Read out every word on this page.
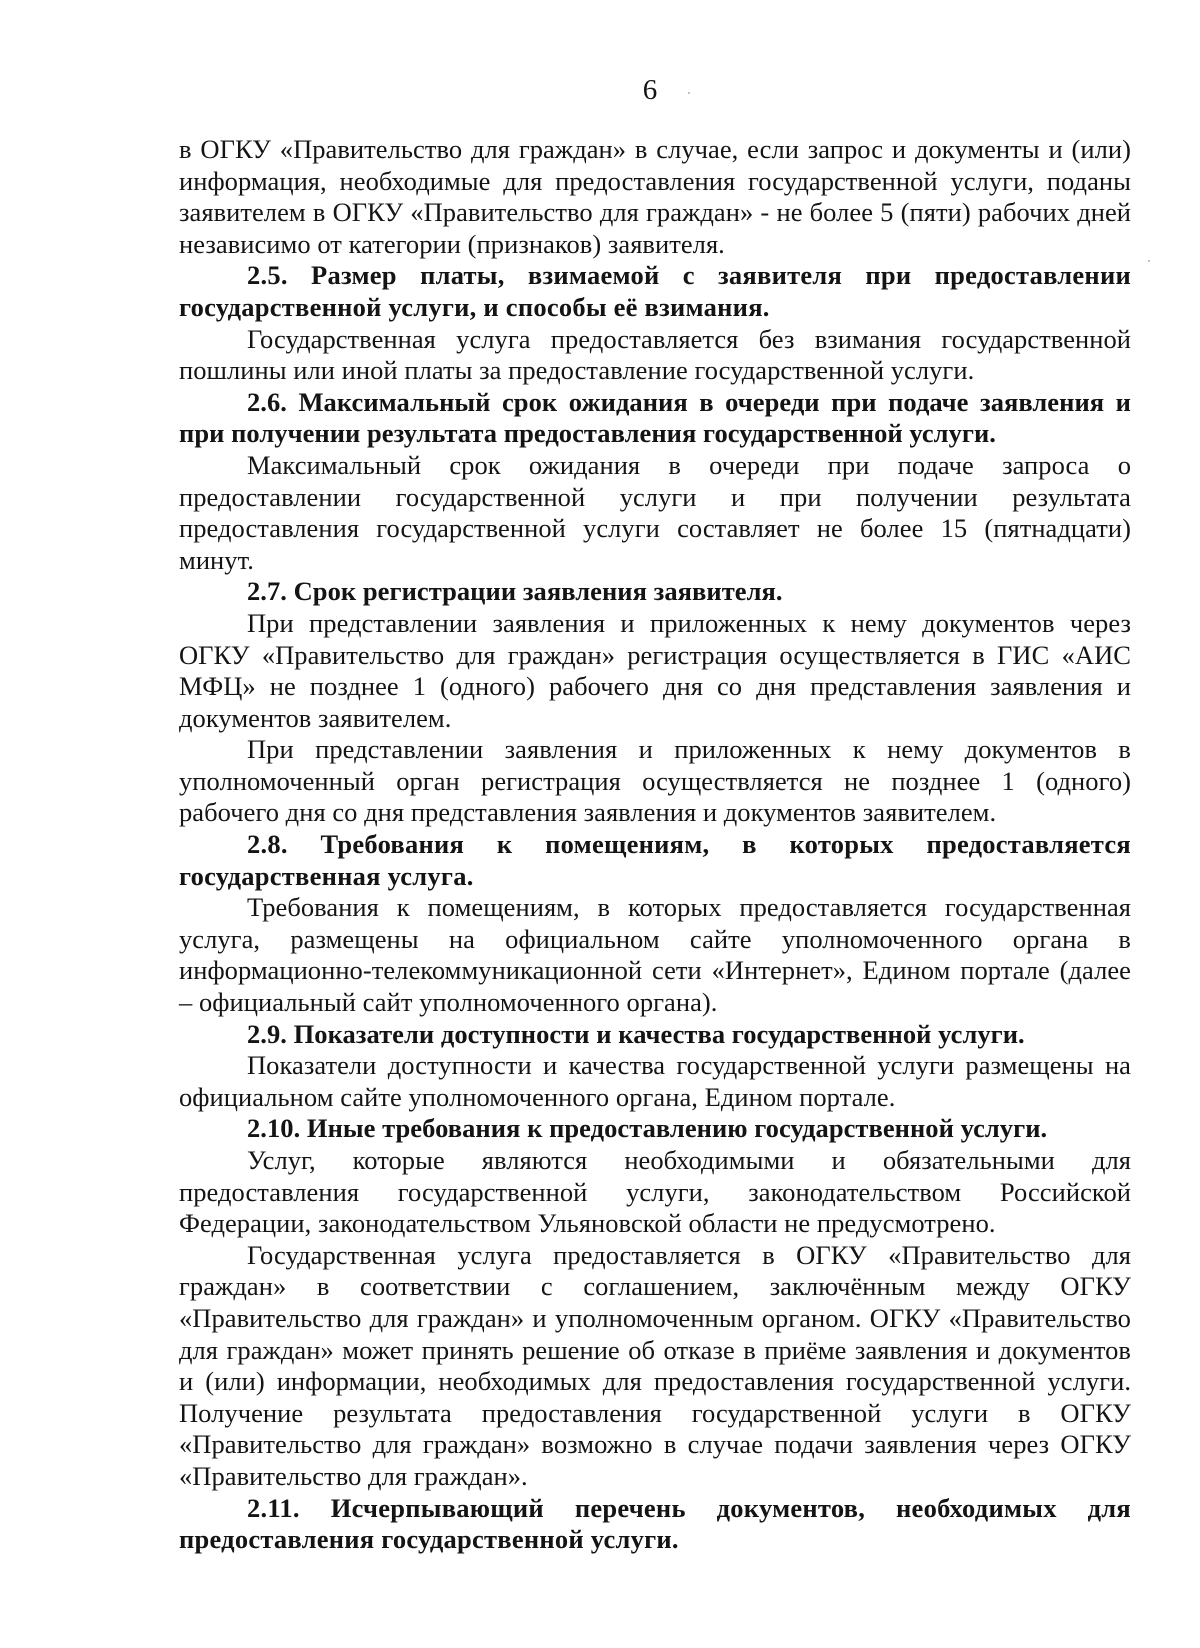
6

в ОГКУ «Правительство для граждан» в случае, если запрос и документы и (или) информация, необходимые для предоставления государственной услуги, поданы заявителем в ОГКУ «Правительство для граждан» - не более 5 (пяти) рабочих дней независимо от категории (признаков) заявителя.

2.5. Размер платы, взимаемой с заявителя при предоставлении государственной услуги, и способы её взимания.

Государственная услуга предоставляется без взимания государственной пошлины или иной платы за предоставление государственной услуги.

2.6. Максимальный срок ожидания в очереди при подаче заявления и при получении результата предоставления государственной услуги.

Максимальный срок ожидания в очереди при подаче запроса о предоставлении государственной услуги и при получении результата предоставления государственной услуги составляет не более 15 (пятнадцати) минут.

2.7. Срок регистрации заявления заявителя.

При представлении заявления и приложенных к нему документов через ОГКУ «Правительство для граждан» регистрация осуществляется в ГИС «АИС МФЦ» не позднее 1 (одного) рабочего дня со дня представления заявления и документов заявителем.

При представлении заявления и приложенных к нему документов в уполномоченный орган регистрация осуществляется не позднее 1 (одного) рабочего дня со дня представления заявления и документов заявителем.

2.8. Требования к помещениям, в которых предоставляется государственная услуга.

Требования к помещениям, в которых предоставляется государственная услуга, размещены на официальном сайте уполномоченного органа в информационно-телекоммуникационной сети «Интернет», Едином портале (далее – официальный сайт уполномоченного органа).

2.9. Показатели доступности и качества государственной услуги.

Показатели доступности и качества государственной услуги размещены на официальном сайте уполномоченного органа, Едином портале.

2.10. Иные требования к предоставлению государственной услуги.

Услуг, которые являются необходимыми и обязательными для предоставления государственной услуги, законодательством Российской Федерации, законодательством Ульяновской области не предусмотрено.

Государственная услуга предоставляется в ОГКУ «Правительство для граждан» в соответствии с соглашением, заключённым между ОГКУ «Правительство для граждан» и уполномоченным органом. ОГКУ «Правительство для граждан» может принять решение об отказе в приёме заявления и документов и (или) информации, необходимых для предоставления государственной услуги. Получение результата предоставления государственной услуги в ОГКУ «Правительство для граждан» возможно в случае подачи заявления через ОГКУ «Правительство для граждан».

2.11. Исчерпывающий перечень документов, необходимых для предоставления государственной услуги.
